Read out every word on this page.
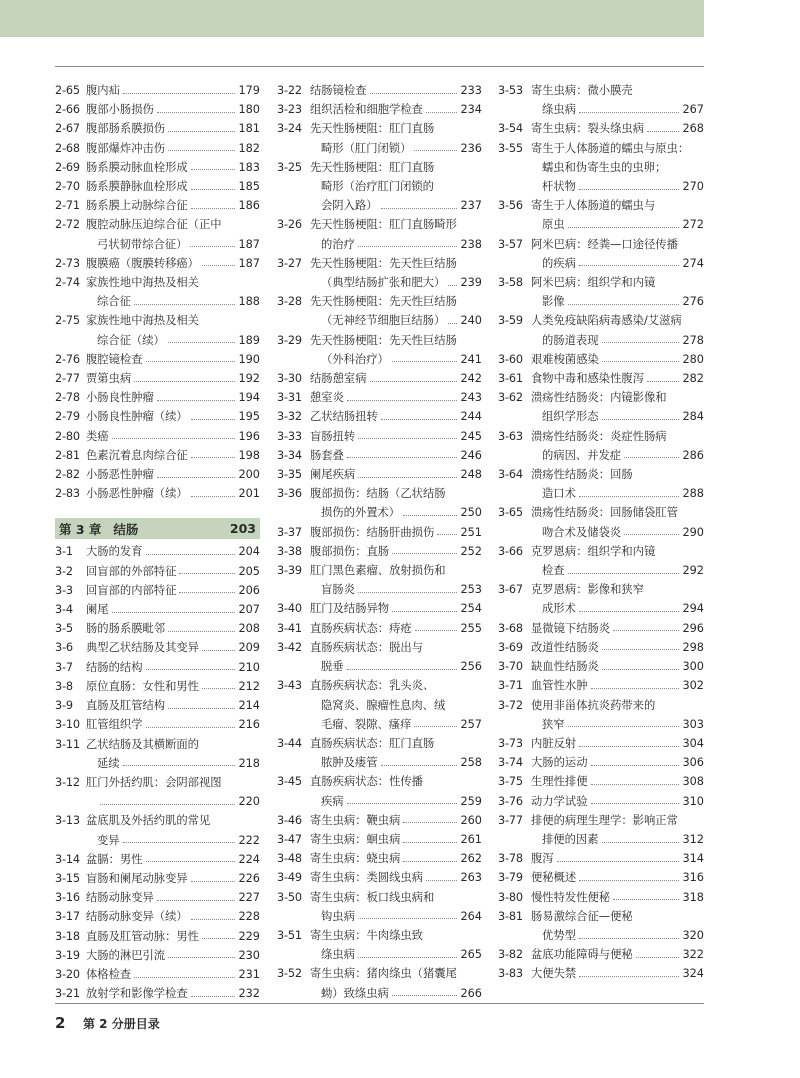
2-65 腹内疝	179
2-66 腹部小肠损伤	180
2-67 腹部肠系膜损伤	181
2-68 腹部爆炸冲击伤	182
2-69 肠系膜动脉血栓形成	183
2-70 肠系膜静脉血栓形成	185
2-71 肠系膜上动脉综合征	186
2-72 腹腔动脉压迫综合征（正中
弓状韧带综合征）	187
2-73 腹膜癌（腹膜转移癌）	187
2-74 家族性地中海热及相关
综合征	188
2-75 家族性地中海热及相关
综合征（续）	189
2-76 腹腔镜检查	190
2-77 贾第虫病	192
2-78 小肠良性肿瘤	194
2-79 小肠良性肿瘤（续）	195
2-80 类癌	196
2-81 色素沉着息肉综合征	198
2-82 小肠恶性肿瘤	200
2-83 小肠恶性肿瘤（续）	201
第 3 章 结肠	203
3-1	大肠的发育	204
3-2	回盲部的外部特征	205
3-3	回盲部的内部特征	206
3-4	阑尾	207
3-5	肠的肠系膜毗邻	208
3-6	典型乙状结肠及其变异	209
3-7	结肠的结构	210
3-8	原位直肠：女性和男性	212
3-9	直肠及肛管结构	214
3-10 肛管组织学	216
3-11 乙状结肠及其横断面的
延续	218
3-12 肛门外括约肌：会阴部视图
220
3-13 盆底肌及外括约肌的常见
变异	222
3-14 盆膈：男性	224
3-15 盲肠和阑尾动脉变异	226
3-16 结肠动脉变异	227
3-17 结肠动脉变异（续）	228
3-18 直肠及肛管动脉：男性	229
3-19 大肠的淋巴引流	230
3-20 体格检查	231
3-21 放射学和影像学检查	232
3-22 结肠镜检查	233
3-23 组织活检和细胞学检查	234
3-24 先天性肠梗阻：肛门直肠
畸形（肛门闭锁）	236
3-25 先天性肠梗阻：肛门直肠
畸形（治疗肛门闭锁的
会阴入路）	237
3-26 先天性肠梗阻：肛门直肠畸形
的治疗	238
3-27 先天性肠梗阻：先天性巨结肠
（典型结肠扩张和肥大） 239
3-28 先天性肠梗阻：先天性巨结肠
（无神经节细胞巨结肠） 240
3-29 先天性肠梗阻：先天性巨结肠
（外科治疗）	241
3-30 结肠憩室病	242
3-31 憩室炎	243
3-32 乙状结肠扭转	244
3-33 盲肠扭转	245
3-34 肠套叠	246
3-35 阑尾疾病	248
3-36 腹部损伤：结肠（乙状结肠
损伤的外置术）	250
3-37 腹部损伤：结肠肝曲损伤 251
3-38 腹部损伤：直肠	252
3-39 肛门黑色素瘤、放射损伤和
盲肠炎	253
3-40 肛门及结肠异物	254
3-41 直肠疾病状态：痔疮	255
3-42 直肠疾病状态：脱出与
脱垂	256
3-43 直肠疾病状态：乳头炎、
隐窝炎、腺瘤性息肉、绒
毛瘤、裂隙、瘙痒	257
3-44 直肠疾病状态：肛门直肠
脓肿及瘘管	258
3-45 直肠疾病状态：性传播
疾病	259
3-46 寄生虫病：鞭虫病	260
3-47 寄生虫病：蛔虫病	261
3-48 寄生虫病：蛲虫病	262
3-49 寄生虫病：类圆线虫病	263
3-50 寄生虫病：板口线虫病和
钩虫病	264
3-51 寄生虫病：牛肉绦虫致
绦虫病	265
3-52 寄生虫病：猪肉绦虫（猪囊尾
蚴）致绦虫病	266
3-53 寄生虫病：微小膜壳
绦虫病	267
3-54 寄生虫病：裂头绦虫病	268
3-55 寄生于人体肠道的蠕虫与原虫：
蠕虫和伪寄生虫的虫卵；
杆状物	270
3-56 寄生于人体肠道的蠕虫与
原虫	272
3-57 阿米巴病：经粪—口途径传播
的疾病	274
3-58 阿米巴病：组织学和内镜
影像	276
3-59 人类免疫缺陷病毒感染/艾滋病
的肠道表现	278
3-60 艰难梭菌感染	280
3-61 食物中毒和感染性腹泻	282
3-62 溃疡性结肠炎：内镜影像和
组织学形态	284
3-63 溃疡性结肠炎：炎症性肠病
的病因、并发症	286
3-64 溃疡性结肠炎：回肠
造口术	288
3-65 溃疡性结肠炎：回肠储袋肛管
吻合术及储袋炎	290
3-66 克罗恩病：组织学和内镜
检查	292
3-67 克罗恩病：影像和狭窄
成形术	294
3-68 显微镜下结肠炎	296
3-69 改道性结肠炎	298
3-70 缺血性结肠炎	300
3-71 血管性水肿	302
3-72 使用非甾体抗炎药带来的
狭窄	303
3-73 内脏反射	304
3-74 大肠的运动	306
3-75 生理性排便	308
3-76 动力学试验	310
3-77 排便的病理生理学：影响正常
排便的因素	312
3-78 腹泻	314
3-79 便秘概述	316
3-80 慢性特发性便秘	318
3-81 肠易激综合征—便秘
优势型	320
3-82 盆底功能障碍与便秘	322
3-83 大便失禁	324
2	第 2 分册目录
